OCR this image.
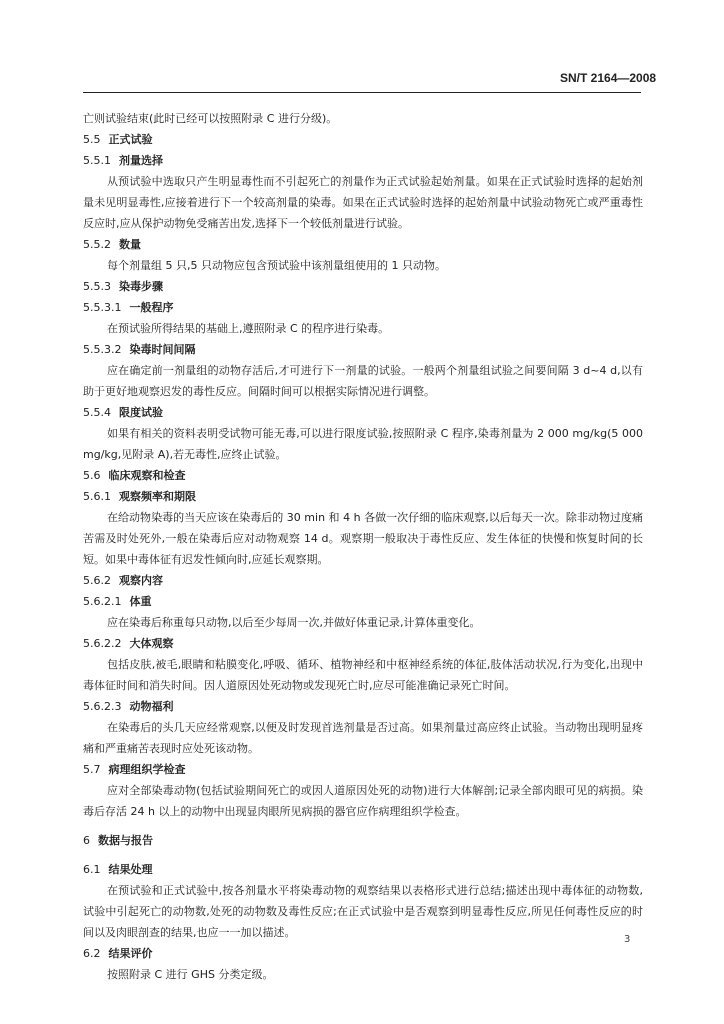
SN/T 2164—2008

亡则试验结束(此时已经可以按照附录 C 进行分级)。

5.5 正式试验
5.5.1 剂量选择

从预试验中选取只产生明显毒性而不引起死亡的剂量作为正式试验起始剂量。如果在正式试验时选择的起始剂量未见明显毒性,应接着进行下一个较高剂量的染毒。如果在正式试验时选择的起始剂量中试验动物死亡或严重毒性反应时,应从保护动物免受痛苦出发,选择下一个较低剂量进行试验。

5.5.2 数量

每个剂量组 5 只,5 只动物应包含预试验中该剂量组使用的 1 只动物。

5.5.3 染毒步骤
5.5.3.1 一般程序

在预试验所得结果的基础上,遵照附录 C 的程序进行染毒。

5.5.3.2 染毒时间间隔

应在确定前一剂量组的动物存活后,才可进行下一剂量的试验。一般两个剂量组试验之间要间隔 3 d~4 d,以有助于更好地观察迟发的毒性反应。间隔时间可以根据实际情况进行调整。

5.5.4 限度试验

如果有相关的资料表明受试物可能无毒,可以进行限度试验,按照附录 C 程序,染毒剂量为 2 000 mg/kg(5 000 mg/kg,见附录 A),若无毒性,应终止试验。

5.6 临床观察和检查
5.6.1 观察频率和期限

在给动物染毒的当天应该在染毒后的 30 min 和 4 h 各做一次仔细的临床观察,以后每天一次。除非动物过度痛苦需及时处死外,一般在染毒后应对动物观察 14 d。观察期一般取决于毒性反应、发生体征的快慢和恢复时间的长短。如果中毒体征有迟发性倾向时,应延长观察期。

5.6.2 观察内容
5.6.2.1 体重

应在染毒后称重每只动物,以后至少每周一次,并做好体重记录,计算体重变化。

5.6.2.2 大体观察

包括皮肤,被毛,眼睛和粘膜变化,呼吸、循环、植物神经和中枢神经系统的体征,肢体活动状况,行为变化,出现中毒体征时间和消失时间。因人道原因处死动物或发现死亡时,应尽可能准确记录死亡时间。

5.6.2.3 动物福利

在染毒后的头几天应经常观察,以便及时发现首选剂量是否过高。如果剂量过高应终止试验。当动物出现明显疼痛和严重痛苦表现时应处死该动物。

5.7 病理组织学检查

应对全部染毒动物(包括试验期间死亡的或因人道原因处死的动物)进行大体解剖;记录全部肉眼可见的病损。染毒后存活 24 h 以上的动物中出现显肉眼所见病损的器官应作病理组织学检查。

6 数据与报告
6.1 结果处理

在预试验和正式试验中,按各剂量水平将染毒动物的观察结果以表格形式进行总结;描述出现中毒体征的动物数,试验中引起死亡的动物数,处死的动物数及毒性反应;在正式试验中是否观察到明显毒性反应,所见任何毒性反应的时间以及肉眼剖查的结果,也应一一加以描述。

6.2 结果评价

按照附录 C 进行 GHS 分类定级。

3
